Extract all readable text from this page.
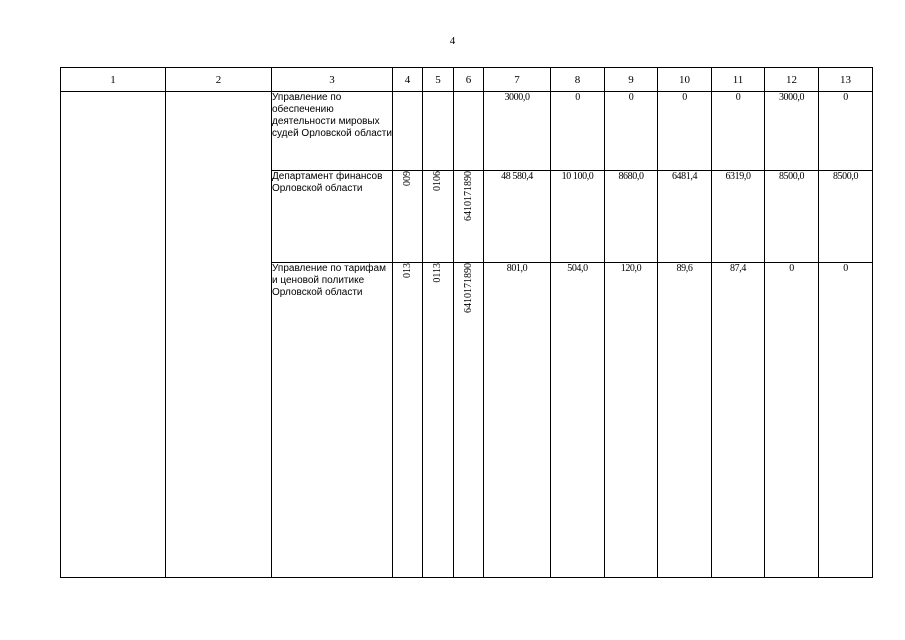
4
1	2	3	4	5	6	7	8	9	10	11	12	13
		Управление по обеспечению деятельности мировых судей Орловской области				3000,0	0	0	0	0	3000,0	0
		Департамент финансов Орловской области	009	0106	6410171890	48 580,4	10 100,0	8680,0	6481,4	6319,0	8500,0	8500,0
		Управление по тарифам и ценовой политике Орловской области	013	0113	6410171890	801,0	504,0	120,0	89,6	87,4	0	0
